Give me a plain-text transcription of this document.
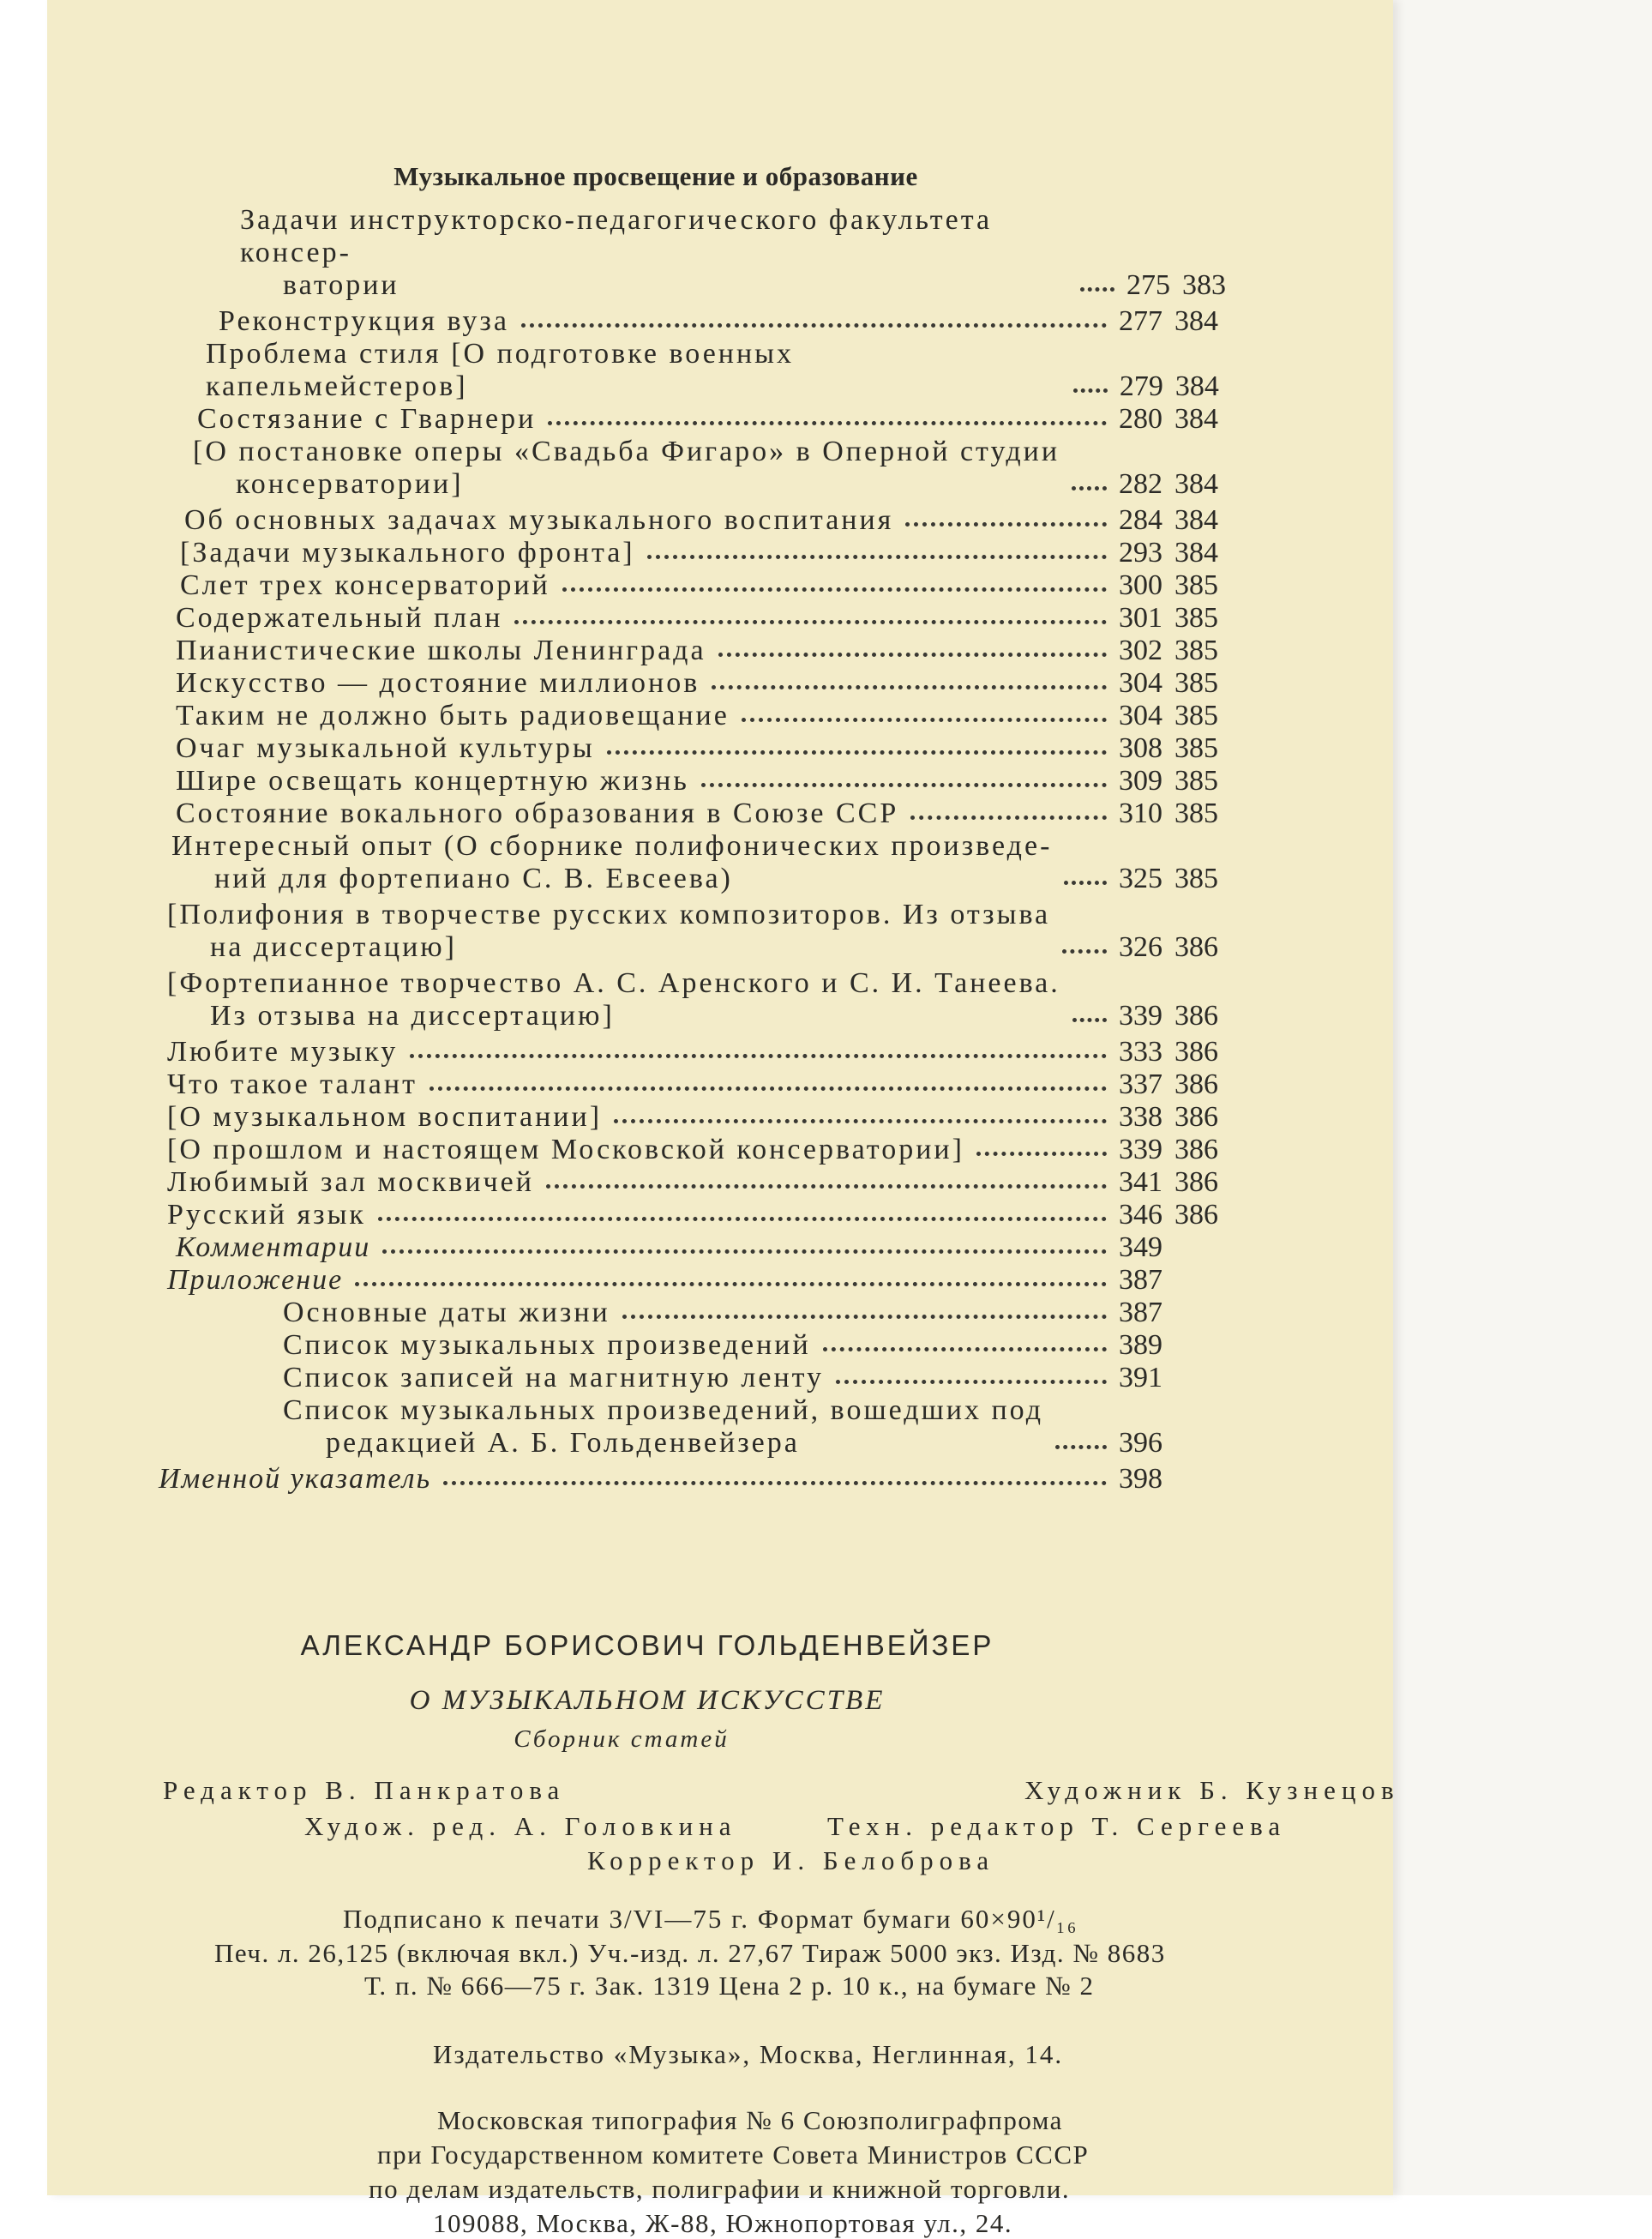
Музыкальное просвещение и образование
Задачи инструкторско-педагогического факультета консер-
ватории	275 383
Реконструкция вуза	277 384
Проблема стиля [О подготовке военных капельмейстеров]	279 384
Состязание с Гварнери	280 384
[О постановке оперы «Свадьба Фигаро» в Оперной студии
консерватории]	282 384
Об основных задачах музыкального воспитания	284 384
[Задачи музыкального фронта]	293 384
Слет трех консерваторий	300 385
Содержательный план	301 385
Пианистические школы Ленинграда	302 385
Искусство — достояние миллионов	304 385
Таким не должно быть радиовещание	304 385
Очаг музыкальной культуры	308 385
Шире освещать концертную жизнь	309 385
Состояние вокального образования в Союзе ССР	310 385
Интересный опыт (О сборнике полифонических произведе-
ний для фортепиано С. В. Евсеева)	325 385
[Полифония в творчестве русских композиторов. Из отзыва
на диссертацию]	326 386
[Фортепианное творчество А. С. Аренского и С. И. Танеева.
Из отзыва на диссертацию]	339 386
Любите музыку	333 386
Что такое талант	337 386
[О музыкальном воспитании]	338 386
[О прошлом и настоящем Московской консерватории]	339 386
Любимый зал москвичей	341 386
Русский язык	346 386
Комментарии	349
Приложение	387
Основные даты жизни	387
Список музыкальных произведений	389
Список записей на магнитную ленту	391
Список музыкальных произведений, вошедших под
редакцией А. Б. Гольденвейзера	396
Именной указатель	398
АЛЕКСАНДР БОРИСОВИЧ ГОЛЬДЕНВЕЙЗЕР
О МУЗЫКАЛЬНОМ ИСКУССТВЕ
Сборник статей
Редактор В. Панкратова	Художник Б. Кузнецов
Худож. ред. А. Головкина	Техн. редактор Т. Сергеева
Корректор И. Белоброва
Подписано к печати 3/VI—75 г. Формат бумаги 60×90¹/₁₆
Печ. л. 26,125 (включая вкл.) Уч.-изд. л. 27,67 Тираж 5000 экз. Изд. № 8683
Т. п. № 666—75 г. Зак. 1319 Цена 2 р. 10 к., на бумаге № 2
Издательство «Музыка», Москва, Неглинная, 14.
Московская типография № 6 Союзполиграфпрома
при Государственном комитете Совета Министров СССР
по делам издательств, полиграфии и книжной торговли.
109088, Москва, Ж-88, Южнопортовая ул., 24.
